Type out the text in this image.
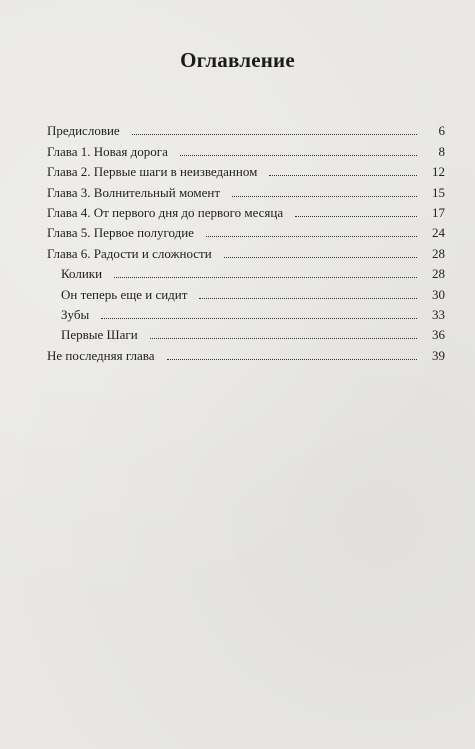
Оглавление
Предисловие	6
Глава 1. Новая дорога	8
Глава 2. Первые шаги в неизведанном	12
Глава 3. Волнительный момент	15
Глава 4. От первого дня до первого месяца	17
Глава 5. Первое полугодие	24
Глава 6. Радости и сложности	28
Колики	28
Он теперь еще и сидит	30
Зубы	33
Первые Шаги	36
Не последняя глава	39
